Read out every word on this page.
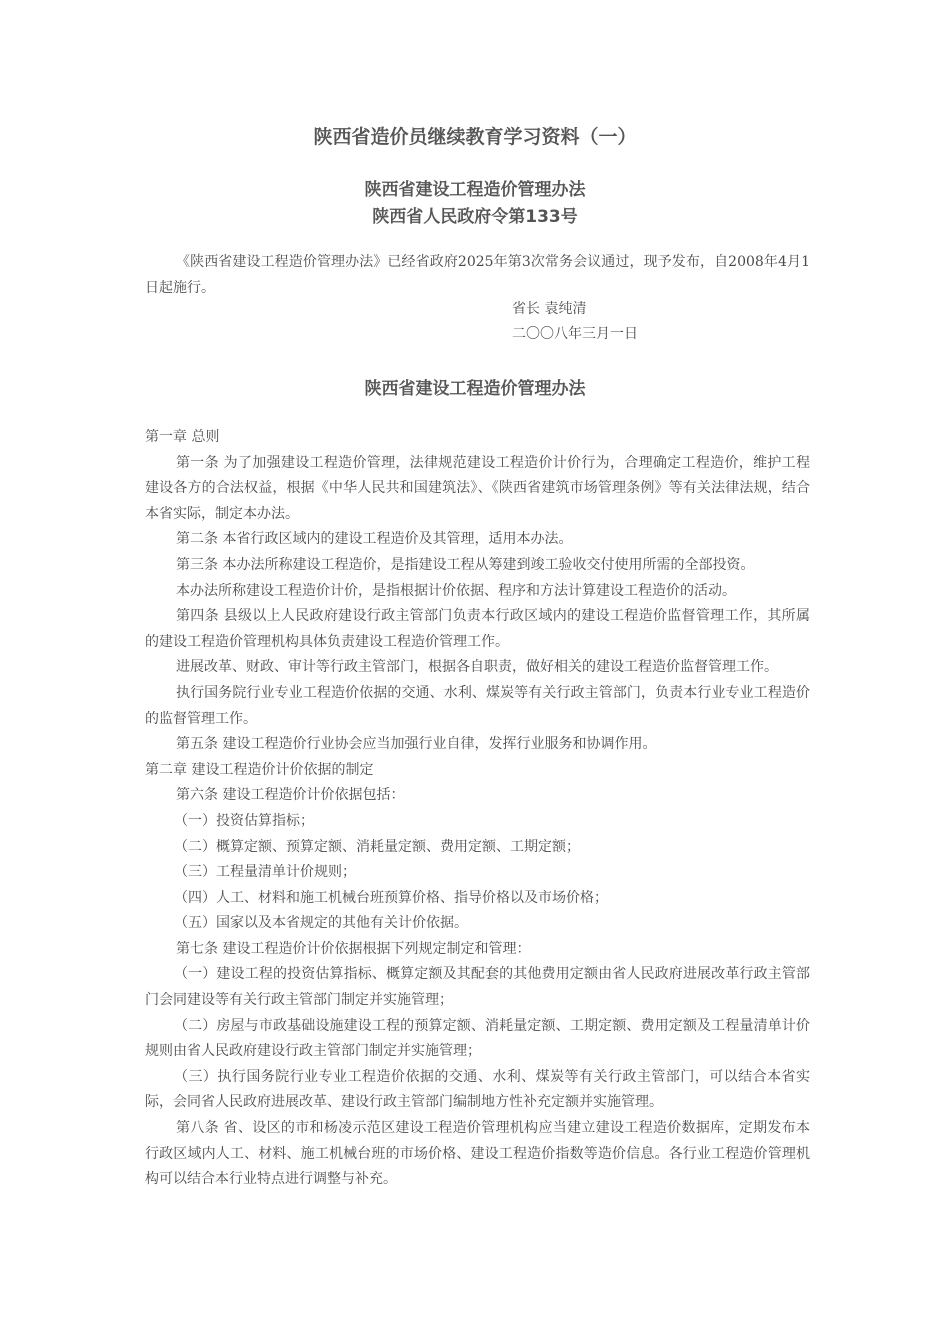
陕西省造价员继续教育学习资料（一）
陕西省建设工程造价管理办法
陕西省人民政府令第133号

《陕西省建设工程造价管理办法》已经省政府2025年第3次常务会议通过，现予发布，自2008年4月1日起施行。

省长 袁纯清

二〇〇八年三月一日

陕西省建设工程造价管理办法

第一章 总则

第一条 为了加强建设工程造价管理，法律规范建设工程造价计价行为，合理确定工程造价，维护工程建设各方的合法权益，根据《中华人民共和国建筑法》、《陕西省建筑市场管理条例》等有关法律法规，结合本省实际，制定本办法。

第二条 本省行政区域内的建设工程造价及其管理，适用本办法。

第三条 本办法所称建设工程造价，是指建设工程从筹建到竣工验收交付使用所需的全部投资。

本办法所称建设工程造价计价，是指根据计价依据、程序和方法计算建设工程造价的活动。

第四条 县级以上人民政府建设行政主管部门负责本行政区域内的建设工程造价监督管理工作，其所属的建设工程造价管理机构具体负责建设工程造价管理工作。

进展改革、财政、审计等行政主管部门，根据各自职责，做好相关的建设工程造价监督管理工作。

执行国务院行业专业工程造价依据的交通、水利、煤炭等有关行政主管部门，负责本行业专业工程造价的监督管理工作。

第五条 建设工程造价行业协会应当加强行业自律，发挥行业服务和协调作用。

第二章 建设工程造价计价依据的制定

第六条 建设工程造价计价依据包括：

（一）投资估算指标；

（二）概算定额、预算定额、消耗量定额、费用定额、工期定额；

（三）工程量清单计价规则；

（四）人工、材料和施工机械台班预算价格、指导价格以及市场价格；

（五）国家以及本省规定的其他有关计价依据。

第七条 建设工程造价计价依据根据下列规定制定和管理：

（一）建设工程的投资估算指标、概算定额及其配套的其他费用定额由省人民政府进展改革行政主管部门会同建设等有关行政主管部门制定并实施管理；

（二）房屋与市政基础设施建设工程的预算定额、消耗量定额、工期定额、费用定额及工程量清单计价规则由省人民政府建设行政主管部门制定并实施管理；

（三）执行国务院行业专业工程造价依据的交通、水利、煤炭等有关行政主管部门，可以结合本省实际，会同省人民政府进展改革、建设行政主管部门编制地方性补充定额并实施管理。

第八条 省、设区的市和杨凌示范区建设工程造价管理机构应当建立建设工程造价数据库，定期发布本行政区域内人工、材料、施工机械台班的市场价格、建设工程造价指数等造价信息。各行业工程造价管理机构可以结合本行业特点进行调整与补充。
